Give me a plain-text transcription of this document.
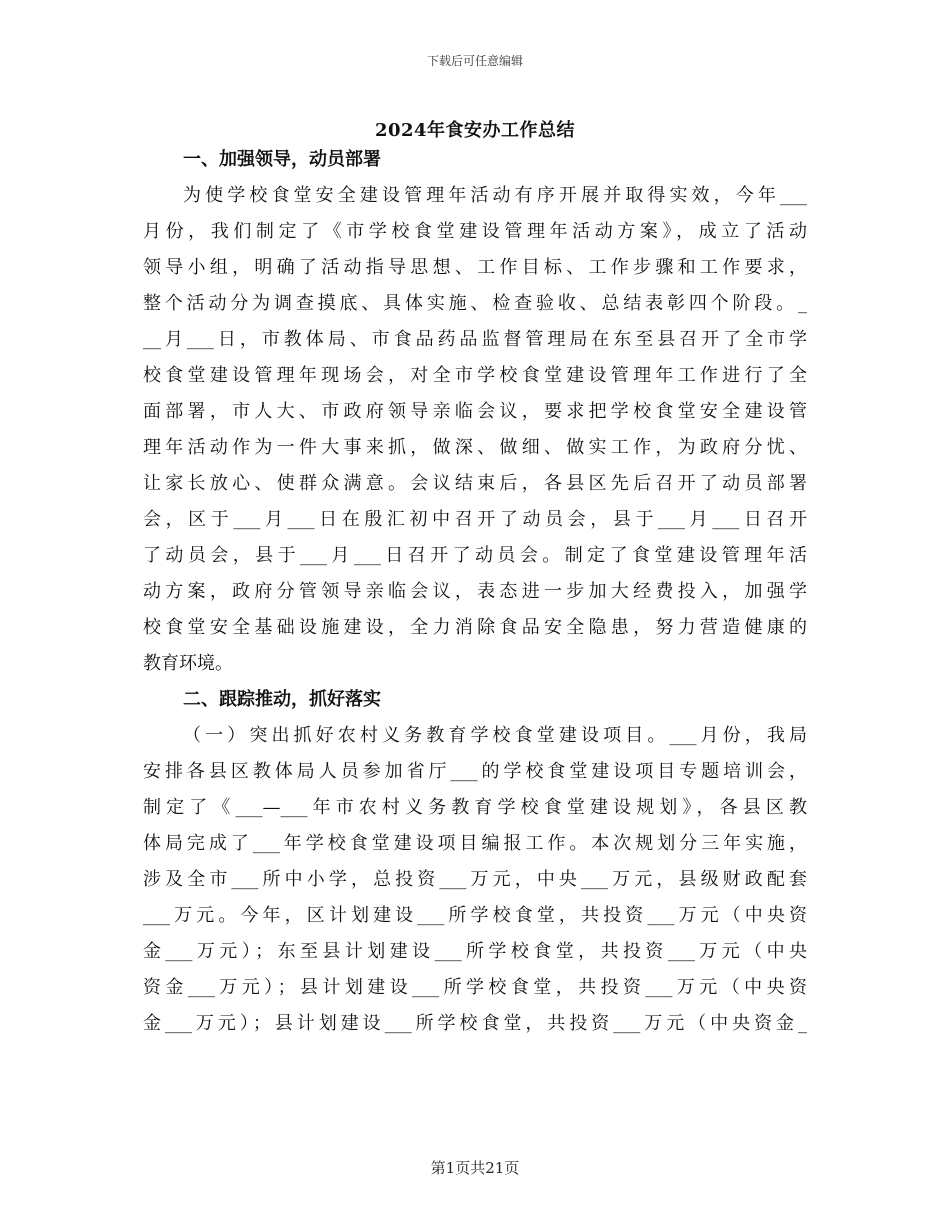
下载后可任意编辑
2024年食安办工作总结
一、加强领导，动员部署
为使学校食堂安全建设管理年活动有序开展并取得实效，今年___
月份，我们制定了《市学校食堂建设管理年活动方案》，成立了活动
领导小组，明确了活动指导思想、工作目标、工作步骤和工作要求，
整个活动分为调查摸底、具体实施、检查验收、总结表彰四个阶段。_
__月___日，市教体局、市食品药品监督管理局在东至县召开了全市学
校食堂建设管理年现场会，对全市学校食堂建设管理年工作进行了全
面部署，市人大、市政府领导亲临会议，要求把学校食堂安全建设管
理年活动作为一件大事来抓，做深、做细、做实工作，为政府分忧、
让家长放心、使群众满意。会议结束后，各县区先后召开了动员部署
会，区于___月___日在殷汇初中召开了动员会，县于___月___日召开
了动员会，县于___月___日召开了动员会。制定了食堂建设管理年活
动方案，政府分管领导亲临会议，表态进一步加大经费投入，加强学
校食堂安全基础设施建设，全力消除食品安全隐患，努力营造健康的
教育环境。
二、跟踪推动，抓好落实
（一）突出抓好农村义务教育学校食堂建设项目。___月份，我局
安排各县区教体局人员参加省厅___的学校食堂建设项目专题培训会，
制定了《___—___年市农村义务教育学校食堂建设规划》，各县区教
体局完成了___年学校食堂建设项目编报工作。本次规划分三年实施，
涉及全市___所中小学，总投资___万元，中央___万元，县级财政配套
___万元。今年，区计划建设___所学校食堂，共投资___万元（中央资
金___万元）；东至县计划建设___所学校食堂，共投资___万元（中央
资金___万元）；县计划建设___所学校食堂，共投资___万元（中央资
金___万元）；县计划建设___所学校食堂，共投资___万元（中央资金_
第1页共21页
